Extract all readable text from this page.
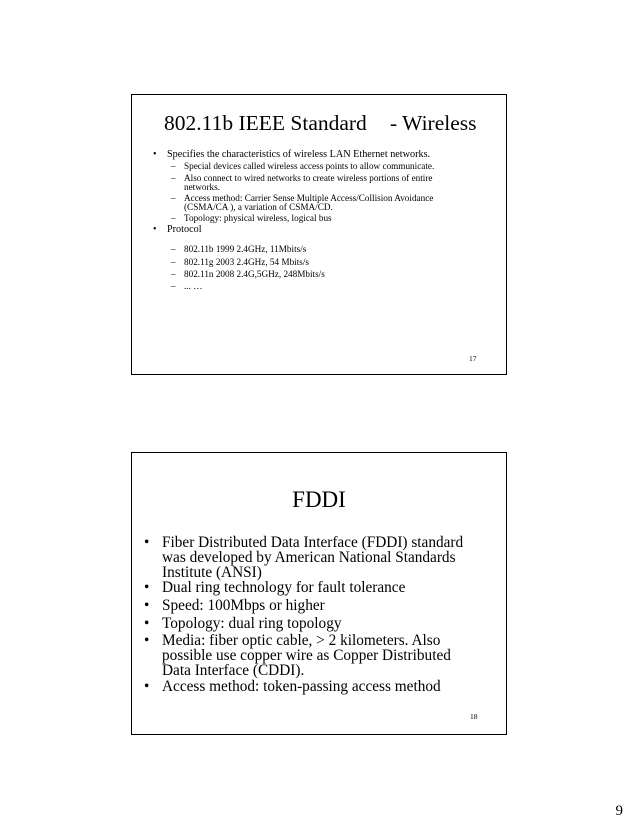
802.11b IEEE Standard - Wireless
• Specifies the characteristics of wireless LAN Ethernet networks.
– Special devices called wireless access points to allow communicate.
– Also connect to wired networks to create wireless portions of entire
networks.
– Access method: Carrier Sense Multiple Access/Collision Avoidance
(CSMA/CA ), a variation of CSMA/CD.
– Topology: physical wireless, logical bus
• Protocol
– 802.11b 1999 2.4GHz, 11Mbits/s
– 802.11g 2003 2.4GHz, 54 Mbits/s
– 802.11n 2008 2.4G,5GHz, 248Mbits/s
– ... …
17
FDDI
• Fiber Distributed Data Interface (FDDI) standard
was developed by American National Standards
Institute (ANSI)
• Dual ring technology for fault tolerance
• Speed: 100Mbps or higher
• Topology: dual ring topology
• Media: fiber optic cable, > 2 kilometers. Also
possible use copper wire as Copper Distributed
Data Interface (CDDI).
• Access method: token-passing access method
18
9
